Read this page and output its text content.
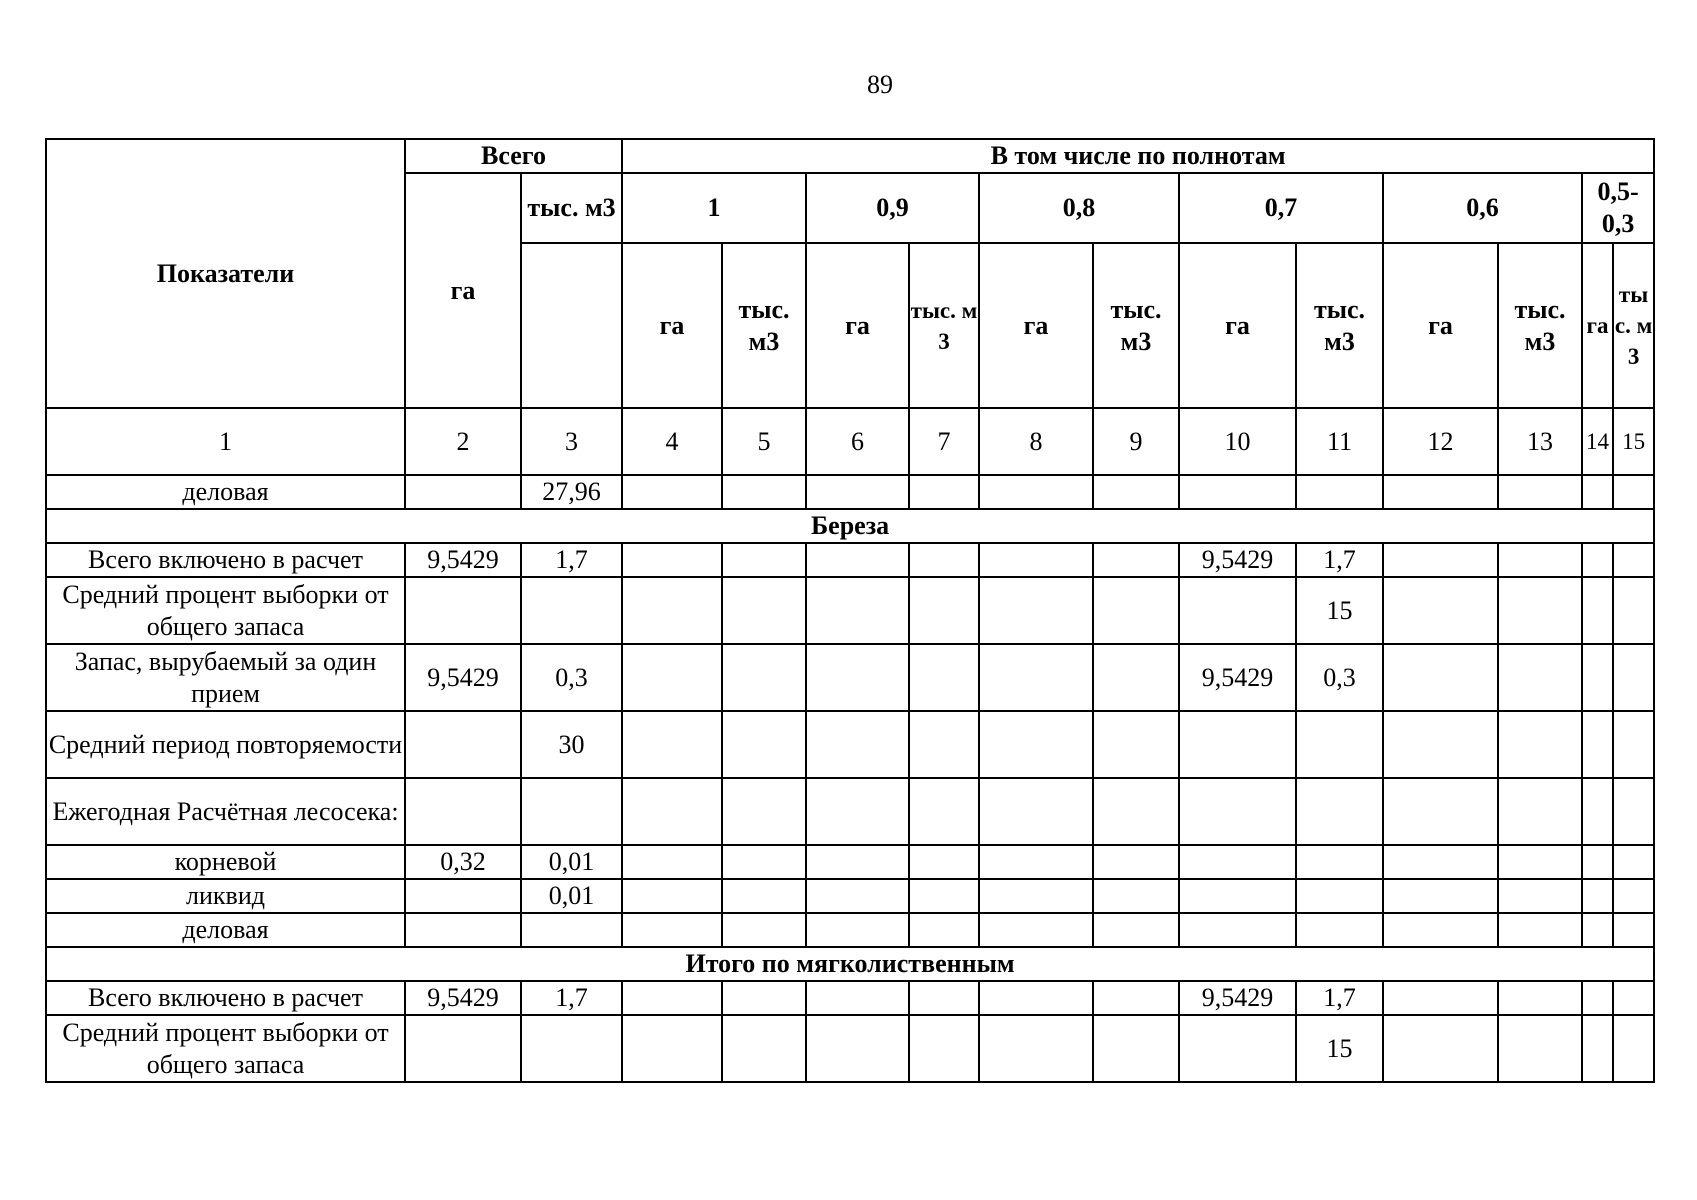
89
Показатели	Всего		В том числе по полнотам											
	га	тыс. м3	1		0,9		0,8		0,7		0,6		0,5-0,3	
			га	тыс. м3	га	тыс. м3	га	тыс. м3	га	тыс. м3	га	тыс. м3	га	тыс. м3
1	2	3	4	5	6	7	8	9	10	11	12	13	14	15
деловая		27,96												
Береза														
Всего включено в расчет	9,5429	1,7							9,5429	1,7				
Средний процент выборки от общего запаса										15				
Запас, вырубаемый за один прием	9,5429	0,3							9,5429	0,3				
Средний период повторяемости		30												
Ежегодная Расчётная лесосека:														
корневой	0,32	0,01												
ликвид		0,01												
деловая														
Итого по мягколиственным														
Всего включено в расчет	9,5429	1,7							9,5429	1,7				
Средний процент выборки от общего запаса										15				
